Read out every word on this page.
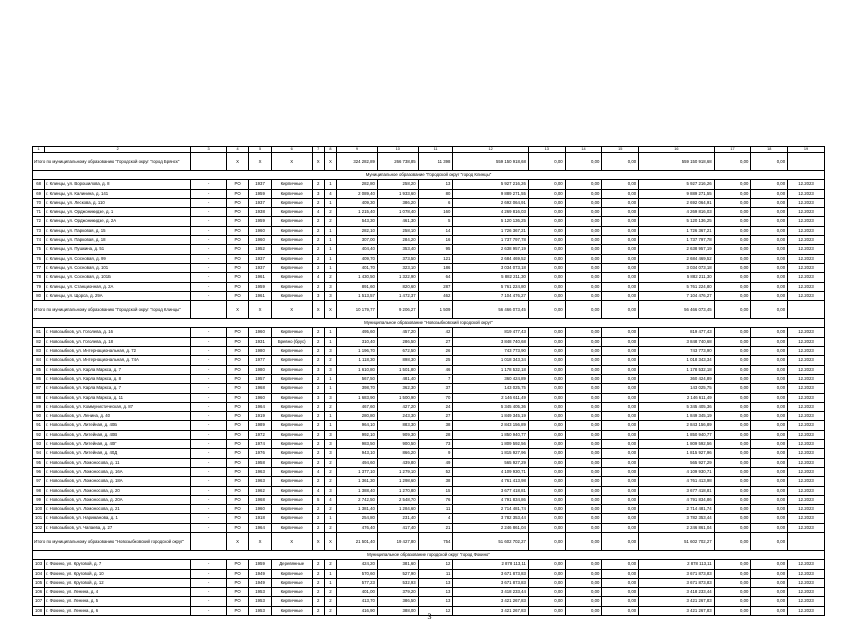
1	2	3	4	5	6	7	8	9	10	11	12	13	14	15	16	17	18	19
Итого по муниципальному образованию "Городской округ "город Брянск"			X	X	X	X	X	324 282,89	266 738,85	11 398	559 150 918,68	0,00	0,00	0,00	559 150 918,68	0,00	0,00	
Муниципальное образование "Городской округ "город Клинцы"																		
68	г. Клинцы, ул. Ворошилова, д. 8	-	РО	1937	Кирпичные	2	1	282,80	258,20	13	5 927 216,26	0,00	0,00	0,00	5 927 216,26	0,00	0,00	12.2023
69	г. Клинцы, ул. Калинина, д. 141	-	РО	1959	Кирпичные	3	4	2 089,40	1 933,60	80	9 889 271,55	0,00	0,00	0,00	9 889 271,55	0,00	0,00	12.2023
70	г. Клинцы, ул. Лескова, д. 110	-	РО	1937	Кирпичные	2	1	409,30	386,20	6	2 692 064,91	0,00	0,00	0,00	2 692 064,91	0,00	0,00	12.2023
71	г. Клинцы, ул. Орджоникидзе, д. 1	-	РО	1938	Кирпичные	4	2	1 215,40	1 078,40	160	4 269 816,03	0,00	0,00	0,00	4 269 816,03	0,00	0,00	12.2023
72	г. Клинцы, ул. Орджоникидзе, д. 2А	-	РО	1959	Кирпичные	2	2	543,30	461,30	5	5 120 136,25	0,00	0,00	0,00	5 120 136,25	0,00	0,00	12.2023
73	г. Клинцы, ул. Парковая, д. 15	-	РО	1960	Кирпичные	2	1	282,10	258,10	14	1 726 367,21	0,00	0,00	0,00	1 726 367,21	0,00	0,00	12.2023
74	г. Клинцы, ул. Парковая, д. 18	-	РО	1960	Кирпичные	2	1	307,00	284,20	16	1 737 797,78	0,00	0,00	0,00	1 737 797,78	0,00	0,00	12.2023
75	г. Клинцы, ул. Пушкина, д. 51	-	РО	1952	Кирпичные	2	1	404,40	353,40	95	2 638 957,19	0,00	0,00	0,00	2 638 957,19	0,00	0,00	12.2023
76	г. Клинцы, ул. Сосновая, д. 99	-	РО	1937	Кирпичные	2	1	409,70	373,50	121	2 684 469,52	0,00	0,00	0,00	2 684 469,52	0,00	0,00	12.2023
77	г. Клинцы, ул. Сосновая, д. 101	-	РО	1937	Кирпичные	2	1	401,70	323,10	186	3 034 073,18	0,00	0,00	0,00	3 034 073,18	0,00	0,00	12.2023
78	г. Клинцы, ул. Сосновая, д. 101Б	-	РО	1961	Кирпичные	4	2	1 430,50	1 322,90	64	5 882 211,30	0,00	0,00	0,00	5 882 211,30	0,00	0,00	12.2023
79	г. Клинцы, ул. Станционная, д. 2А	-	РО	1959	Кирпичные	2	3	891,60	820,60	287	5 761 224,80	0,00	0,00	0,00	5 761 224,80	0,00	0,00	12.2023
80	г. Клинцы, ул. Щорса, д. 29А	-	РО	1961	Кирпичные	3	3	1 513,57	1 472,37	462	7 104 476,27	0,00	0,00	0,00	7 104 476,27	0,00	0,00	12.2023
Итого по муниципальному образованию "Городской округ "город Клинцы"			X	X	X	X	X	10 179,77	9 206,27	1 509	56 466 073,45	0,00	0,00	0,00	56 466 073,45	0,00	0,00	
Муниципальное образование "Новозыбковский городской округ"																		
81	г. Новозыбков, ул. Гоголева, д. 16	-	РО	1960	Кирпичные	2	1	495,60	457,20	42	819 477,43	0,00	0,00	0,00	819 477,43	0,00	0,00	12.2023
82	г. Новозыбков, ул. Гоголева, д. 18	-	РО	1931	Бревно (брус)	2	1	310,40	286,50	27	3 848 740,68	0,00	0,00	0,00	3 848 740,68	0,00	0,00	12.2023
83	г. Новозыбков, ул. Интернациональная, д. 72	-	РО	1980	Кирпичные	2	3	1 196,70	672,50	26	743 773,90	0,00	0,00	0,00	743 773,90	0,00	0,00	12.2023
84	г. Новозыбков, ул. Интернациональная, д. 74А	-	РО	1977	Кирпичные	2	2	1 118,30	898,30	25	1 018 343,34	0,00	0,00	0,00	1 018 343,34	0,00	0,00	12.2023
85	г. Новозыбков, ул. Карла Маркса, д. 7	-	РО	1980	Кирпичные	3	3	1 610,80	1 501,80	46	1 178 532,18	0,00	0,00	0,00	1 178 532,18	0,00	0,00	12.2023
86	г. Новозыбков, ул. Карла Маркса, д. 8	-	РО	1957	Кирпичные	2	1	567,50	481,40	7	360 424,89	0,00	0,00	0,00	360 424,89	0,00	0,00	12.2023
87	г. Новозыбков, ул. Карла Маркса, д. 7	-	РО	1968	Кирпичные	2	1	398,70	362,30	37	143 025,75	0,00	0,00	0,00	143 025,75	0,00	0,00	12.2023
88	г. Новозыбков, ул. Карла Маркса, д. 11	-	РО	1960	Кирпичные	3	3	1 683,90	1 500,90	70	2 146 611,49	0,00	0,00	0,00	2 146 611,49	0,00	0,00	12.2023
89	г. Новозыбков, ул. Коммунистическая, д. 87	-	РО	1964	Кирпичные	2	2	467,60	427,20	24	5 345 405,36	0,00	0,00	0,00	5 345 405,36	0,00	0,00	12.2023
90	г. Новозыбков, ул. Ленина, д. 40	-	РО	1919	Кирпичные	2	1	280,80	243,30	27	1 849 345,19	0,00	0,00	0,00	1 849 345,19	0,00	0,00	12.2023
91	г. Новозыбков, ул. Литейная, д. 40Б	-	РО	1989	Кирпичные	2	1	964,10	883,30	38	2 843 156,89	0,00	0,00	0,00	2 843 156,89	0,00	0,00	12.2023
92	г. Новозыбков, ул. Литейная, д. 40В	-	РО	1972	Кирпичные	2	3	992,10	909,30	28	1 850 940,77	0,00	0,00	0,00	1 850 940,77	0,00	0,00	12.2023
93	г. Новозыбков, ул. Литейная, д. 40Г	-	РО	1974	Кирпичные	2	3	983,50	900,50	73	1 809 592,56	0,00	0,00	0,00	1 809 592,56	0,00	0,00	12.2023
94	г. Новозыбков, ул. Литейная, д. 40Д	-	РО	1976	Кирпичные	2	3	943,10	866,20	9	1 815 927,96	0,00	0,00	0,00	1 815 927,96	0,00	0,00	12.2023
95	г. Новозыбков, ул. Ломоносова, д. 11	-	РО	1958	Кирпичные	2	2	494,60	439,80	49	565 927,29	0,00	0,00	0,00	565 927,29	0,00	0,00	12.2023
96	г. Новозыбков, ул. Ломоносова, д. 16А	-	РО	1963	Кирпичные	4	2	1 377,10	1 279,10	52	4 109 930,71	0,00	0,00	0,00	4 109 930,71	0,00	0,00	12.2023
97	г. Новозыбков, ул. Ломоносова, д. 18А	-	РО	1963	Кирпичные	2	2	1 361,30	1 298,60	38	4 761 413,98	0,00	0,00	0,00	4 761 413,98	0,00	0,00	12.2023
98	г. Новозыбков, ул. Ломоносова, д. 20	-	РО	1962	Кирпичные	4	3	1 388,40	1 270,80	15	3 677 418,81	0,00	0,00	0,00	3 677 418,81	0,00	0,00	12.2023
99	г. Новозыбков, ул. Ломоносова, д. 20А	-	РО	1968	Кирпичные	5	4	2 742,50	2 548,70	76	4 791 834,86	0,00	0,00	0,00	4 791 834,86	0,00	0,00	12.2023
100	г. Новозыбков, ул. Ломоносова, д. 21	-	РО	1960	Кирпичные	2	2	1 381,40	1 284,60	11	2 714 481,74	0,00	0,00	0,00	2 714 481,74	0,00	0,00	12.2023
101	г. Новозыбков, ул. Нариманова, д. 1	-	РО	1918	Кирпичные	2	1	254,80	231,40	4	3 782 353,44	0,00	0,00	0,00	3 782 353,44	0,00	0,00	12.2023
102	г. Новозыбков, ул. Чапаева, д. 27	-	РО	1964	Кирпичные	2	2	476,40	417,40	21	2 246 861,04	0,00	0,00	0,00	2 246 861,04	0,00	0,00	12.2023
Итого по муниципальному образованию "Новозыбковский городской округ"			X	X	X	X	X	21 501,40	19 427,80	754	51 602 702,27	0,00	0,00	0,00	51 602 702,27	0,00	0,00	
Муниципальное образование городской округ "город Фокино"																		
103	г. Фокино, ул. Круговой, д. 7	-	РО	1959	Деревянные	2	2	424,20	381,60	12	2 878 113,11	0,00	0,00	0,00	2 878 113,11	0,00	0,00	12.2023
104	г. Фокино, ул. Круговой, д. 10	-	РО	1949	Кирпичные	2	1	570,60	527,90	11	3 671 873,83	0,00	0,00	0,00	3 671 873,83	0,00	0,00	12.2023
105	г. Фокино, ул. Круговой, д. 12	-	РО	1949	Кирпичные	2	1	577,23	532,93	13	3 671 873,83	0,00	0,00	0,00	3 671 873,83	0,00	0,00	12.2023
106	г. Фокино, ул. Ленина, д. 4	-	РО	1953	Кирпичные	2	2	401,00	379,20	13	3 418 233,44	0,00	0,00	0,00	3 418 233,44	0,00	0,00	12.2023
107	г. Фокино, ул. Ленина, д. 5	-	РО	1953	Кирпичные	2	2	413,70	386,50	13	3 421 267,83	0,00	0,00	0,00	3 421 267,83	0,00	0,00	12.2023
108	г. Фокино, ул. Ленина, д. 6	-	РО	1953	Кирпичные	2	2	416,90	388,00	12	3 421 267,83	0,00	0,00	0,00	3 421 267,83	0,00	0,00	12.2023
3
